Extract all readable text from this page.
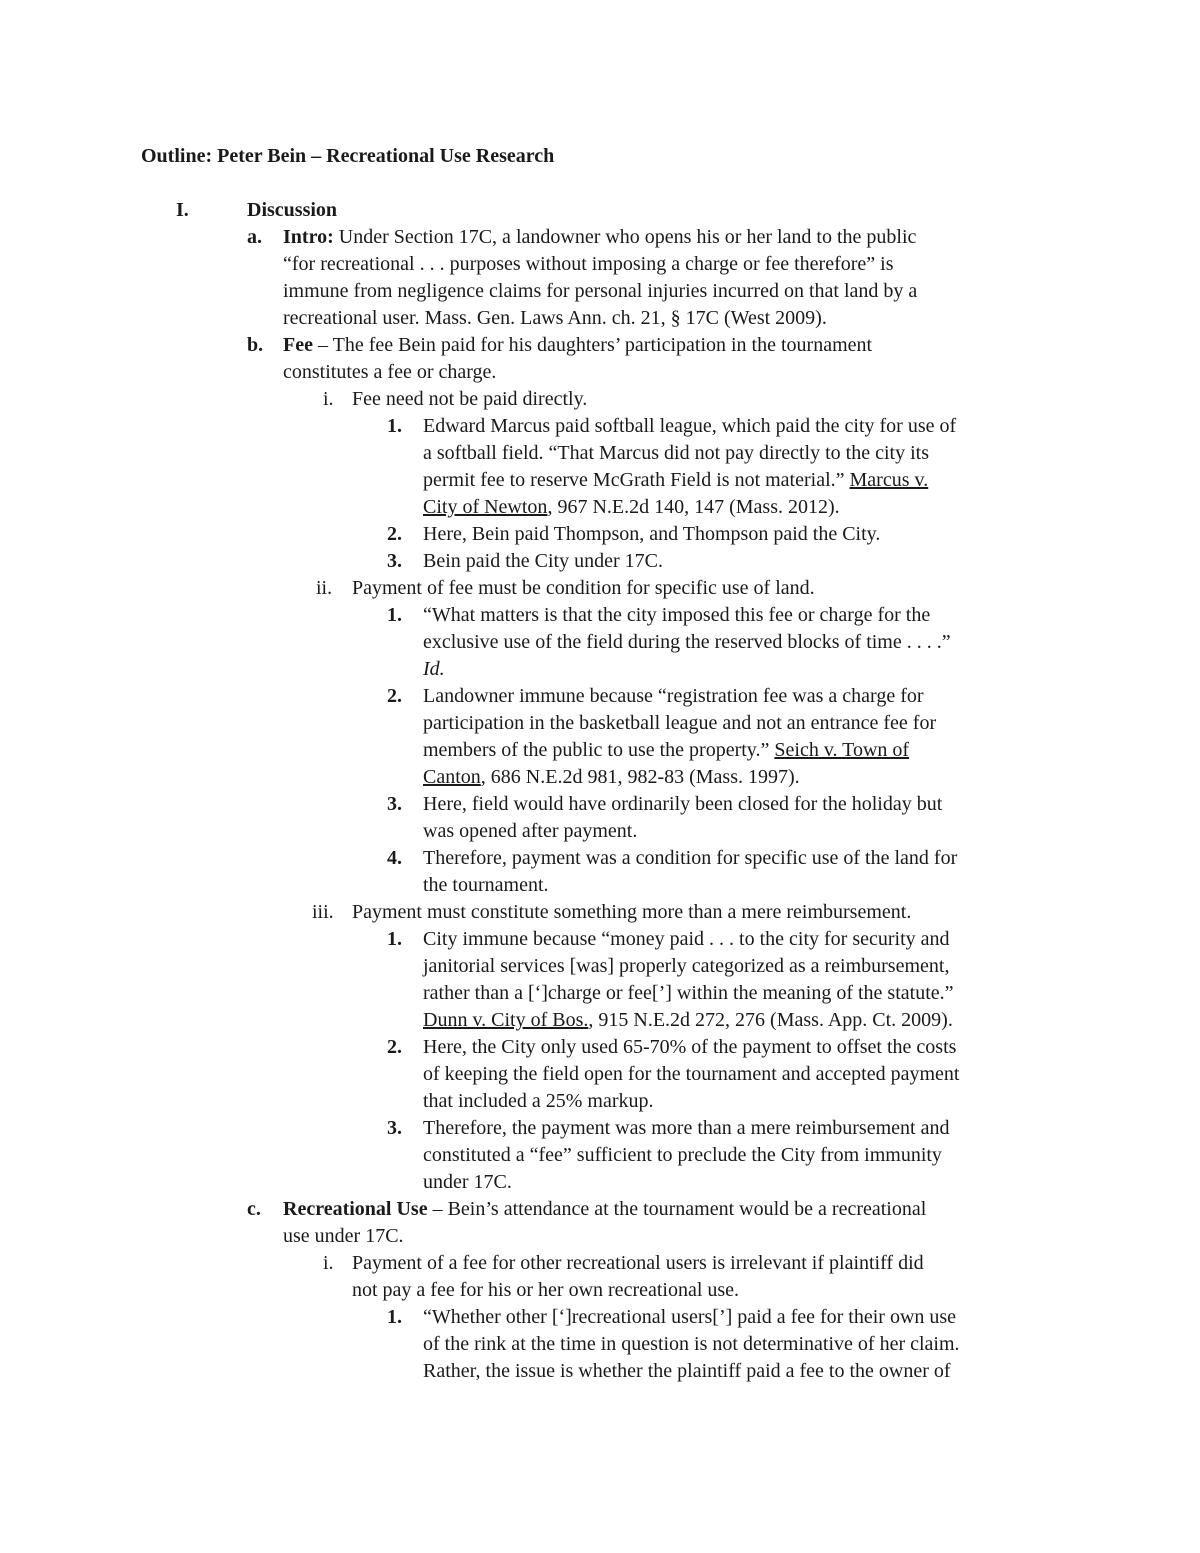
Outline: Peter Bein – Recreational Use Research
I.	Discussion
a. Intro: Under Section 17C, a landowner who opens his or her land to the public
“for recreational . . . purposes without imposing a charge or fee therefore” is
immune from negligence claims for personal injuries incurred on that land by a
recreational user. Mass. Gen. Laws Ann. ch. 21, § 17C (West 2009).
b. Fee – The fee Bein paid for his daughters’ participation in the tournament
constitutes a fee or charge.
i. Fee need not be paid directly.
1. Edward Marcus paid softball league, which paid the city for use of
a softball field. “That Marcus did not pay directly to the city its
permit fee to reserve McGrath Field is not material.” Marcus v.
City of Newton, 967 N.E.2d 140, 147 (Mass. 2012).
2. Here, Bein paid Thompson, and Thompson paid the City.
3. Bein paid the City under 17C.
ii. Payment of fee must be condition for specific use of land.
1. “What matters is that the city imposed this fee or charge for the
exclusive use of the field during the reserved blocks of time . . . .”
Id.
2. Landowner immune because “registration fee was a charge for
participation in the basketball league and not an entrance fee for
members of the public to use the property.” Seich v. Town of
Canton, 686 N.E.2d 981, 982-83 (Mass. 1997).
3. Here, field would have ordinarily been closed for the holiday but
was opened after payment.
4. Therefore, payment was a condition for specific use of the land for
the tournament.
iii. Payment must constitute something more than a mere reimbursement.
1. City immune because “money paid . . . to the city for security and
janitorial services [was] properly categorized as a reimbursement,
rather than a [‘]charge or fee[’] within the meaning of the statute.”
Dunn v. City of Bos., 915 N.E.2d 272, 276 (Mass. App. Ct. 2009).
2. Here, the City only used 65-70% of the payment to offset the costs
of keeping the field open for the tournament and accepted payment
that included a 25% markup.
3. Therefore, the payment was more than a mere reimbursement and
constituted a “fee” sufficient to preclude the City from immunity
under 17C.
c. Recreational Use – Bein’s attendance at the tournament would be a recreational
use under 17C.
i. Payment of a fee for other recreational users is irrelevant if plaintiff did
not pay a fee for his or her own recreational use.
1. “Whether other [‘]recreational users[’] paid a fee for their own use
of the rink at the time in question is not determinative of her claim.
Rather, the issue is whether the plaintiff paid a fee to the owner of
